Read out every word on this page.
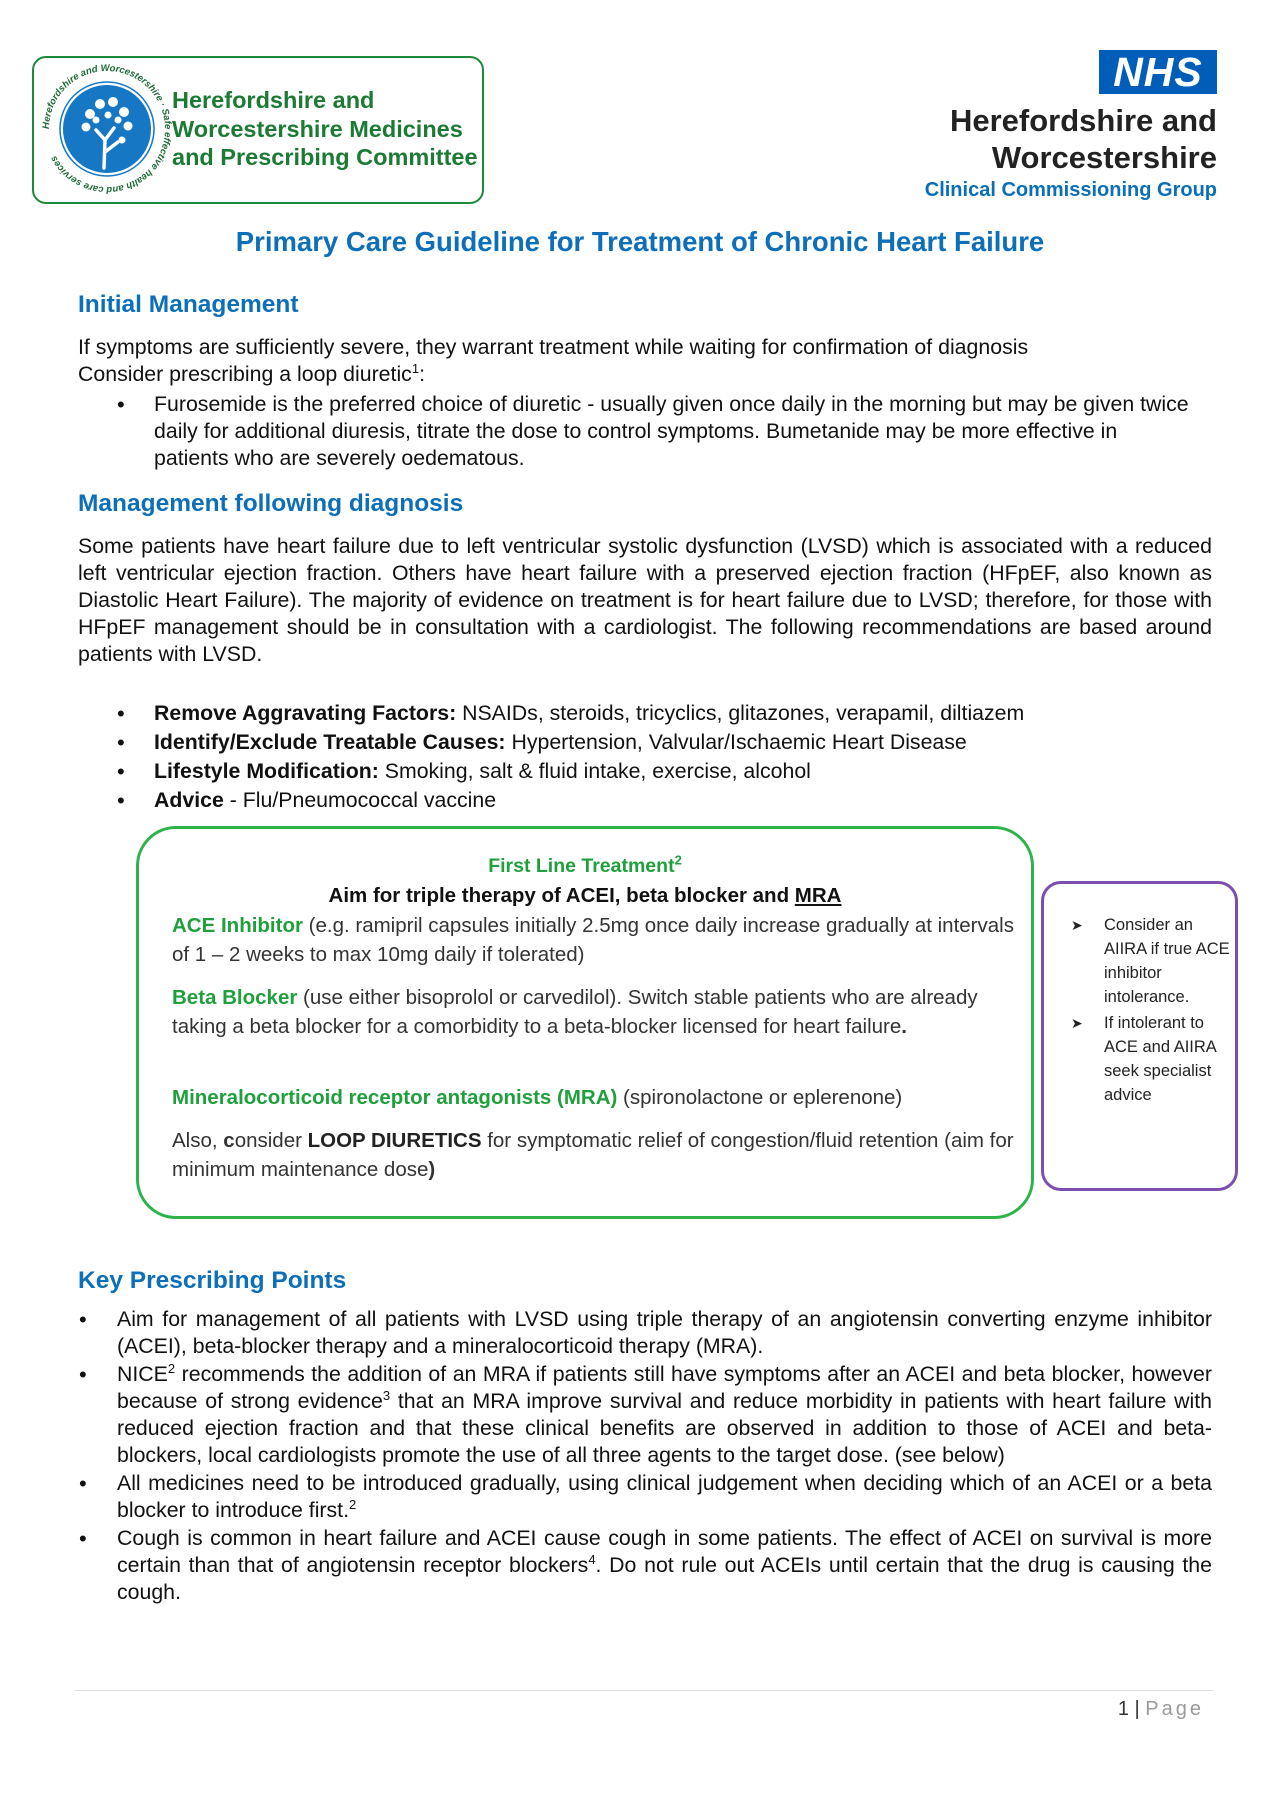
Herefordshire and Worcestershire · Safe effective health and care services
Herefordshire and
Worcestershire Medicines
and Prescribing Committee
NHS
Herefordshire and
Worcestershire
Clinical Commissioning Group
Primary Care Guideline for Treatment of Chronic Heart Failure
Initial Management
If symptoms are sufficiently severe, they warrant treatment while waiting for confirmation of diagnosis
Consider prescribing a loop diuretic$^1$:
• Furosemide is the preferred choice of diuretic - usually given once daily in the morning but may be given twice daily for additional diuresis, titrate the dose to control symptoms. Bumetanide may be more effective in patients who are severely oedematous.
Management following diagnosis
Some patients have heart failure due to left ventricular systolic dysfunction (LVSD) which is associated with a reduced left ventricular ejection fraction. Others have heart failure with a preserved ejection fraction (HFpEF, also known as Diastolic Heart Failure). The majority of evidence on treatment is for heart failure due to LVSD; therefore, for those with HFpEF management should be in consultation with a cardiologist. The following recommendations are based around patients with LVSD.
• Remove Aggravating Factors: NSAIDs, steroids, tricyclics, glitazones, verapamil, diltiazem
• Identify/Exclude Treatable Causes: Hypertension, Valvular/Ischaemic Heart Disease
• Lifestyle Modification: Smoking, salt & fluid intake, exercise, alcohol
• Advice - Flu/Pneumococcal vaccine
First Line Treatment$^2$
Aim for triple therapy of ACEI, beta blocker and MRA
ACE Inhibitor (e.g. ramipril capsules initially 2.5mg once daily increase gradually at intervals of 1 – 2 weeks to max 10mg daily if tolerated)
Beta Blocker (use either bisoprolol or carvedilol). Switch stable patients who are already taking a beta blocker for a comorbidity to a beta-blocker licensed for heart failure.
Mineralocorticoid receptor antagonists (MRA) (spironolactone or eplerenone)
Also, consider LOOP DIURETICS for symptomatic relief of congestion/fluid retention (aim for minimum maintenance dose)
➤ Consider an AIIRA if true ACE inhibitor intolerance.
➤ If intolerant to ACE and AIIRA seek specialist advice
Key Prescribing Points
• Aim for management of all patients with LVSD using triple therapy of an angiotensin converting enzyme inhibitor (ACEI), beta-blocker therapy and a mineralocorticoid therapy (MRA).
• NICE$^2$ recommends the addition of an MRA if patients still have symptoms after an ACEI and beta blocker, however because of strong evidence$^3$ that an MRA improve survival and reduce morbidity in patients with heart failure with reduced ejection fraction and that these clinical benefits are observed in addition to those of ACEI and beta-blockers, local cardiologists promote the use of all three agents to the target dose. (see below)
• All medicines need to be introduced gradually, using clinical judgement when deciding which of an ACEI or a beta blocker to introduce first.$^2$
• Cough is common in heart failure and ACEI cause cough in some patients. The effect of ACEI on survival is more certain than that of angiotensin receptor blockers$^4$. Do not rule out ACEIs until certain that the drug is causing the cough.
1 | Page
